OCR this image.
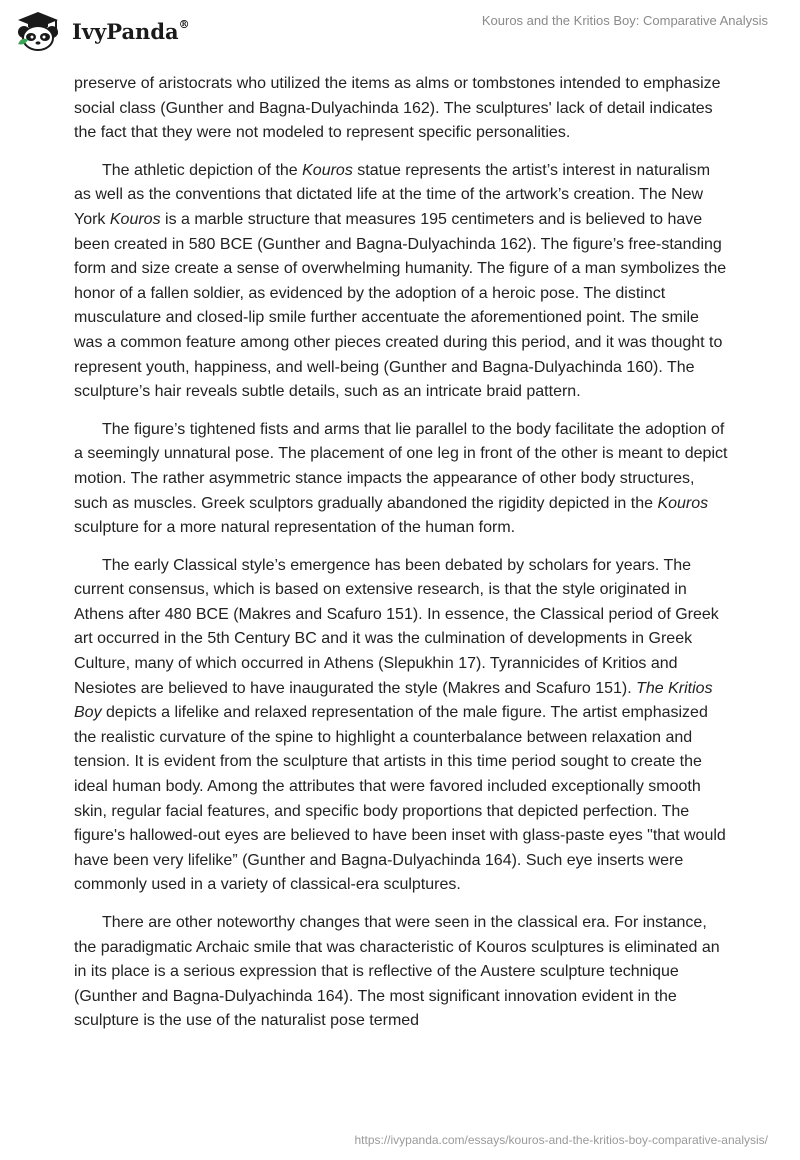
IvyPanda®	Kouros and the Kritios Boy: Comparative Analysis

preserve of aristocrats who utilized the items as alms or tombstones intended to emphasize social class (Gunther and Bagna-Dulyachinda 162). The sculptures' lack of detail indicates the fact that they were not modeled to represent specific personalities.

The athletic depiction of the Kouros statue represents the artist’s interest in naturalism as well as the conventions that dictated life at the time of the artwork’s creation. The New York Kouros is a marble structure that measures 195 centimeters and is believed to have been created in 580 BCE (Gunther and Bagna-Dulyachinda 162). The figure’s free-standing form and size create a sense of overwhelming humanity. The figure of a man symbolizes the honor of a fallen soldier, as evidenced by the adoption of a heroic pose. The distinct musculature and closed-lip smile further accentuate the aforementioned point. The smile was a common feature among other pieces created during this period, and it was thought to represent youth, happiness, and well-being (Gunther and Bagna-Dulyachinda 160). The sculpture’s hair reveals subtle details, such as an intricate braid pattern.

The figure’s tightened fists and arms that lie parallel to the body facilitate the adoption of a seemingly unnatural pose. The placement of one leg in front of the other is meant to depict motion. The rather asymmetric stance impacts the appearance of other body structures, such as muscles. Greek sculptors gradually abandoned the rigidity depicted in the Kouros sculpture for a more natural representation of the human form.

The early Classical style’s emergence has been debated by scholars for years. The current consensus, which is based on extensive research, is that the style originated in Athens after 480 BCE (Makres and Scafuro 151). In essence, the Classical period of Greek art occurred in the 5th Century BC and it was the culmination of developments in Greek Culture, many of which occurred in Athens (Slepukhin 17). Tyrannicides of Kritios and Nesiotes are believed to have inaugurated the style (Makres and Scafuro 151). The Kritios Boy depicts a lifelike and relaxed representation of the male figure. The artist emphasized the realistic curvature of the spine to highlight a counterbalance between relaxation and tension. It is evident from the sculpture that artists in this time period sought to create the ideal human body. Among the attributes that were favored included exceptionally smooth skin, regular facial features, and specific body proportions that depicted perfection. The figure's hallowed-out eyes are believed to have been inset with glass-paste eyes "that would have been very lifelike” (Gunther and Bagna-Dulyachinda 164). Such eye inserts were commonly used in a variety of classical-era sculptures.

There are other noteworthy changes that were seen in the classical era. For instance, the paradigmatic Archaic smile that was characteristic of Kouros sculptures is eliminated an in its place is a serious expression that is reflective of the Austere sculpture technique (Gunther and Bagna-Dulyachinda 164). The most significant innovation evident in the sculpture is the use of the naturalist pose termed

https://ivypanda.com/essays/kouros-and-the-kritios-boy-comparative-analysis/
